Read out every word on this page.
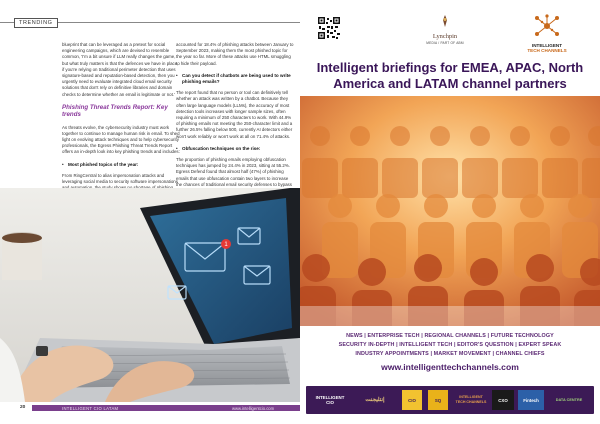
TRENDING

blueprint that can be leveraged as a pretext for social engineering campaigns, which are devised to resemble common, 'I'm a bit unsure if LLM really changes the game, but what truly matters is that the defences we have in place, if you're relying on traditional perimeter detection that uses signature-based and reputation-based detection, then you urgently need to evaluate integrated cloud email security solutions that don't rely on definitive libraries and domain checks to determine whether an email is legitimate or not.'

Phishing Threat Trends Report: Key trends

As threats evolve, the cybersecurity industry must work together to continue to manage human risk in email. To shed light on evolving attack techniques and to help cybersecurity professionals, the Egress Phishing Threat Trends Report offers an in-depth look into key phishing trends and includes:

• Most phished topics of the year:

From RingCentral to alias impersonation attacks and leveraging social media to security software impersonations

accounted for 18.4% of phishing attacks between January to September 2023, making them the most phished topic for the year so far. More of these attacks use HTML smuggling to hide their payload.

• Can you detect if chatbots are being used to write phishing emails?

The report found that no person or tool can definitively tell whether an attack was written by a chatbot. Because they often large language models (LLMs), the accuracy of most detection tools increases with longer sample sizes, often requiring a minimum of 250 characters to work. With 44.9% of phishing emails not meeting the 250-character limit and a further 26.5% falling below 500, currently AI detectors either won't work reliably or won't work at all on 71.4% of attacks.

• Obfuscation techniques on the rise:

The proportion of phishing emails employing obfuscation techniques has jumped by 24.4% in 2023, sitting at 55.2%. Egress Defend found that almost half (47%) of phishing emails that use obfuscation contain two layers to increase the chances of traditional email security defenses to bypass

1
20	INTELLIGENT CIO LATAM	www.intelligentcio.com
Lynchpin
MEDIA / PART OF ABM	INTELLIGENT
TECH CHANNELS
Intelligent briefings for EMEA, APAC, North America and LATAM channel partners
NEWS | ENTERPRISE TECH | REGIONAL CHANNELS | FUTURE TECHNOLOGY
SECURITY IN-DEPTH | INTELLIGENT TECH | EDITOR'S QUESTION | EXPERT SPEAK
INDUSTRY APPOINTMENTS | MARKET MOVEMENT | CHANNEL CHIEFS
www.intelligenttechchannels.com
INTELLIGENT CIO	إنتليجنت	CIO	SQ
INTELLIGENT TECH CHANNELS	CXO	Fintech	DATA CENTRE
